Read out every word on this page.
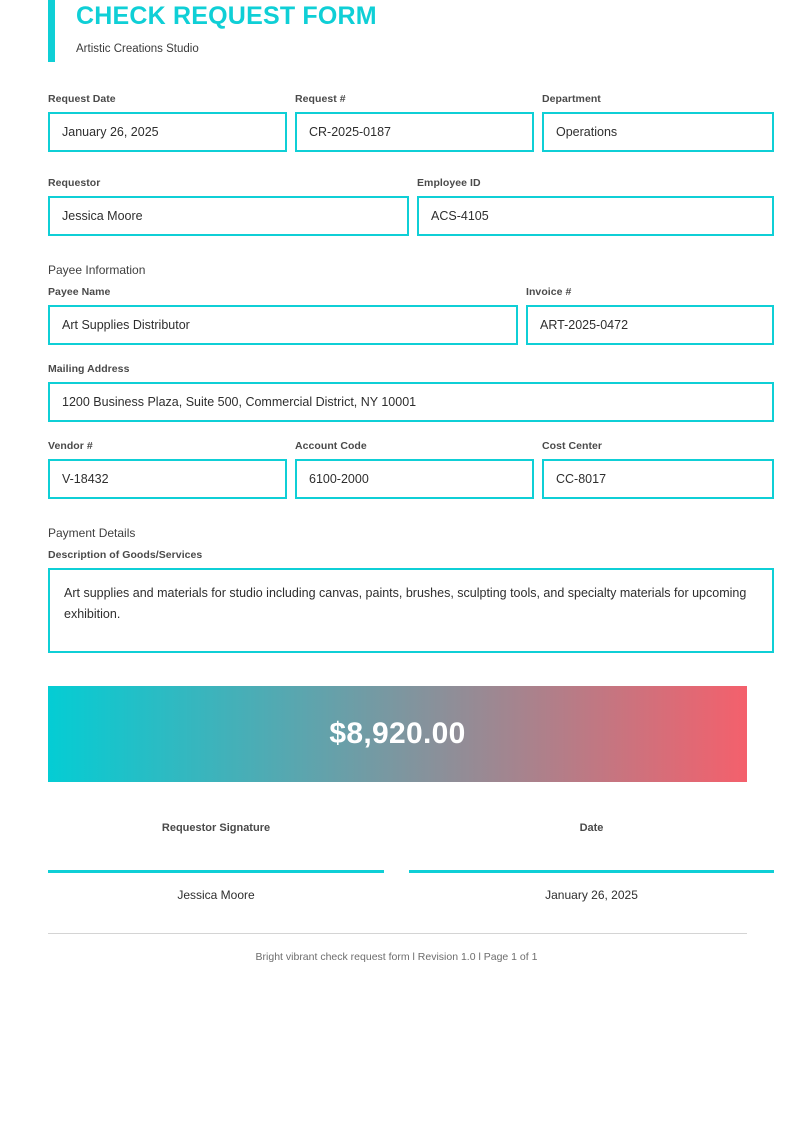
CHECK REQUEST FORM
Artistic Creations Studio
Request Date
January 26, 2025
Request #
CR-2025-0187
Department
Operations
Requestor
Jessica Moore
Employee ID
ACS-4105
Payee Information
Payee Name
Art Supplies Distributor
Invoice #
ART-2025-0472
Mailing Address
1200 Business Plaza, Suite 500, Commercial District, NY 10001
Vendor #
V-18432
Account Code
6100-2000
Cost Center
CC-8017
Payment Details
Description of Goods/Services

Art supplies and materials for studio including canvas, paints, brushes, sculpting tools, and specialty materials for upcoming exhibition.

$8,920.00
Requestor Signature
Jessica Moore
Date
January 26, 2025
Bright vibrant check request form l Revision 1.0 l Page 1 of 1
